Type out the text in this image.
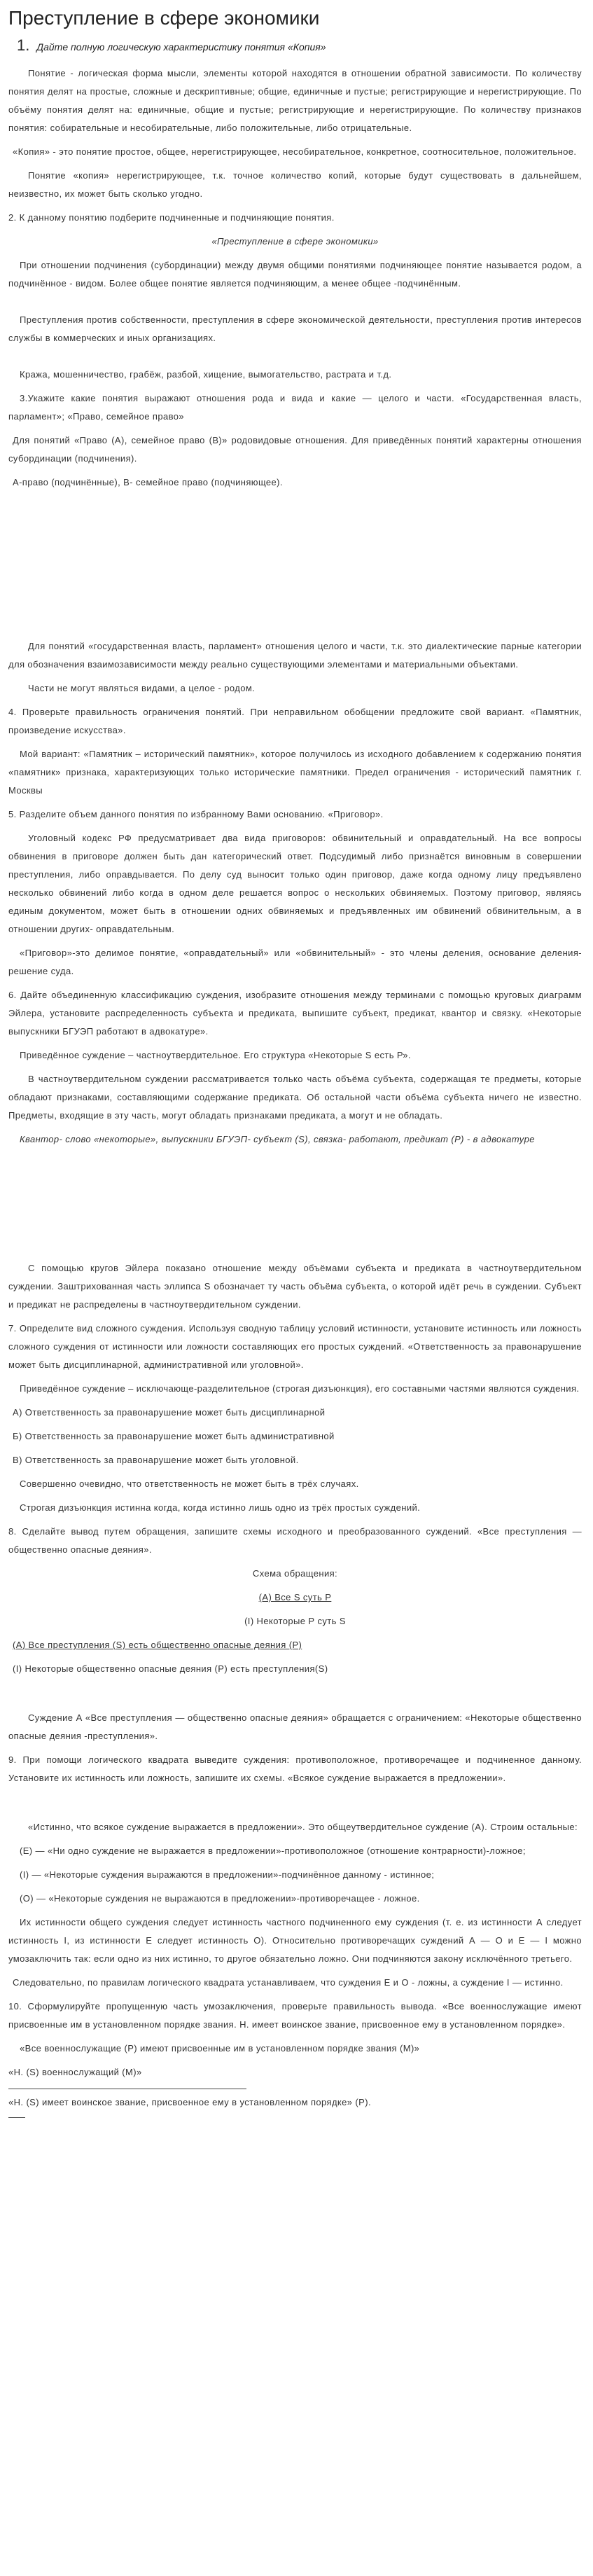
Преступление в сфере экономики
1. Дайте полную логическую характеристику понятия «Копия»

Понятие - логическая форма мысли, элементы которой находятся в отношении обратной зависимости. По количеству понятия делят на простые, сложные и дескриптивные; общие, единичные и пустые; регистрирующие и нерегистрирующие. По объёму понятия делят на: единичные, общие и пустые; регистрирующие и нерегистрирующие. По количеству признаков понятия: собирательные и несобирательные, либо положительные, либо отрицательные.

«Копия» - это понятие простое, общее, нерегистрирующее, несобирательное, конкретное, соотносительное, положительное.

Понятие «копия» нерегистрирующее, т.к. точное количество копий, которые будут существовать в дальнейшем, неизвестно, их может быть сколько угодно.

2. К данному понятию подберите подчиненные и подчиняющие понятия.

«Преступление в сфере экономики»

При отношении подчинения (субординации) между двумя общими понятиями подчиняющее понятие называется родом, а подчинённое - видом. Более общее понятие является подчиняющим, а менее общее -подчинённым.

Преступления против собственности, преступления в сфере экономической деятельности, преступления против интересов службы в коммерческих и иных организациях.

Кража, мошенничество, грабёж, разбой, хищение, вымогательство, растрата и т.д.

3.Укажите какие понятия выражают отношения рода и вида и какие — целого и части. «Государственная власть, парламент»; «Право, семейное право»

Для понятий «Право (А), семейное право (В)» родовидовые отношения. Для приведённых понятий характерны отношения субординации (подчинения).

А-право (подчинённые), В- семейное право (подчиняющее).

Для понятий «государственная власть, парламент» отношения целого и части, т.к. это диалектические парные категории для обозначения взаимозависимости между реально существующими элементами и материальными объектами.

Части не могут являться видами, а целое - родом.

4. Проверьте правильность ограничения понятий. При неправильном обобщении предложите свой вариант. «Памятник, произведение искусства».

Мой вариант: «Памятник – исторический памятник», которое получилось из исходного добавлением к содержанию понятия «памятник» признака, характеризующих только исторические памятники. Предел ограничения - исторический памятник г. Москвы

5. Разделите объем данного понятия по избранному Вами основанию. «Приговор».

Уголовный кодекс РФ предусматривает два вида приговоров: обвинительный и оправдательный. На все вопросы обвинения в приговоре должен быть дан категорический ответ. Подсудимый либо признаётся виновным в совершении преступления, либо оправдывается. По делу суд выносит только один приговор, даже когда одному лицу предъявлено несколько обвинений либо когда в одном деле решается вопрос о нескольких обвиняемых. Поэтому приговор, являясь единым документом, может быть в отношении одних обвиняемых и предъявленных им обвинений обвинительным, а в отношении других- оправдательным.

«Приговор»-это делимое понятие, «оправдательный» или «обвинительный» - это члены деления, основание деления- решение суда.

6. Дайте объединенную классификацию суждения, изобразите отношения между терминами с помощью круговых диаграмм Эйлера, установите распределенность субъекта и предиката, выпишите субъект, предикат, квантор и связку. «Некоторые выпускники БГУЭП работают в адвокатуре».

Приведённое суждение – частноутвердительное. Его структура «Некоторые S есть Р».

В частноутвердительном суждении рассматривается только часть объёма субъекта, содержащая те предметы, которые обладают признаками, составляющими содержание предиката. Об остальной части объёма субъекта ничего не известно. Предметы, входящие в эту часть, могут обладать признаками предиката, а могут и не обладать.

Квантор- слово «некоторые», выпускники БГУЭП- субъект (S), связка- работают, предикат (Р) - в адвокатуре

С помощью кругов Эйлера показано отношение между объёмами субъекта и предиката в частноутвердительном суждении. Заштрихованная часть эллипса S обозначает ту часть объёма субъекта, о которой идёт речь в суждении. Субъект и предикат не распределены в частноутвердительном суждении.

7. Определите вид сложного суждения. Используя сводную таблицу условий истинности, установите истинность или ложность сложного суждения от истинности или ложности составляющих его простых суждений. «Ответственность за правонарушение может быть дисциплинарной, административной или уголовной».

Приведённое суждение – исключающе-разделительное (строгая дизъюнкция), его составными частями являются суждения.

А) Ответственность за правонарушение может быть дисциплинарной

Б) Ответственность за правонарушение может быть административной

В) Ответственность за правонарушение может быть уголовной.

Совершенно очевидно, что ответственность не может быть в трёх случаях.

Строгая дизъюнкция истинна когда, когда истинно лишь одно из трёх простых суждений.

8. Сделайте вывод путем обращения, запишите схемы исходного и преобразованного суждений. «Все преступления — общественно опасные деяния».

Схема обращения:

(А) Все S суть Р

(I) Некоторые Р суть S

(А) Все преступления (S) есть общественно опасные деяния (Р)

(I) Некоторые общественно опасные деяния (Р) есть преступления(S)

Суждение А «Все преступления — общественно опасные деяния» обращается с ограничением: «Некоторые общественно опасные деяния -преступления».

9. При помощи логического квадрата выведите суждения: противоположное, противоречащее и подчиненное данному. Установите их истинность или ложность, запишите их схемы. «Всякое суждение выражается в предложении».

«Истинно, что всякое суждение выражается в предложении». Это общеутвердительное суждение (А). Строим остальные:

(Е) — «Ни одно суждение не выражается в предложении»-противоположное (отношение контрарности)-ложное;

(I) — «Некоторые суждения выражаются в предложении»-подчинённое данному - истинное;

(О) — «Некоторые суждения не выражаются в предложении»-противоречащее - ложное.

Их истинности общего суждения следует истинность частного подчиненного ему суждения (т. е. из истинности А следует истинность I, из истинности Е следует истинность О). Относительно противоречащих суждений А — О и Е — I можно умозаключить так: если одно из них истинно, то другое обязательно ложно. Они подчиняются закону исключённого третьего.

Следовательно, по правилам логического квадрата устанавливаем, что суждения Е и О - ложны, а суждение I — истинно.

10. Сформулируйте пропущенную часть умозаключения, проверьте правильность вывода. «Все военнослужащие имеют присвоенные им в установленном порядке звания. Н. имеет воинское звание, присвоенное ему в установленном порядке».

«Все военнослужащие (Р) имеют присвоенные им в установленном порядке звания (М)»

«Н. (S) военнослужащий (М)»

«Н. (S) имеет воинское звание, присвоенное ему в установленном порядке» (Р).
